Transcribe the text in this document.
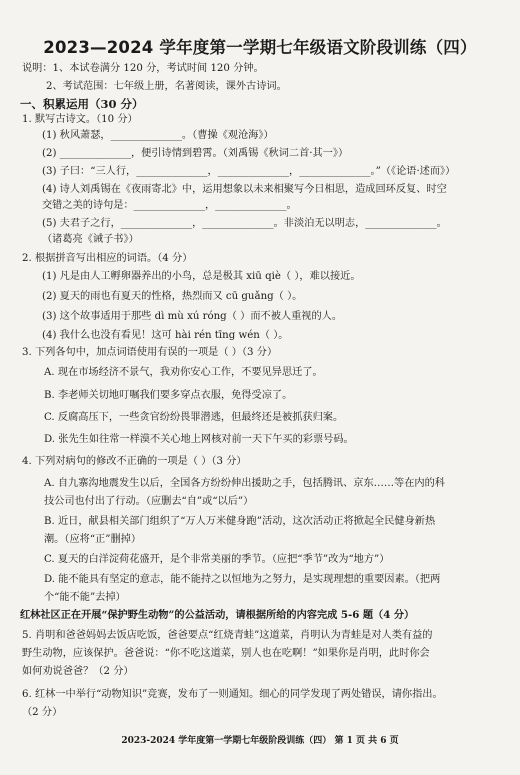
2023—2024 学年度第一学期七年级语文阶段训练（四）
说明：1、本试卷满分 120 分，考试时间 120 分钟。
2、考试范围：七年级上册，名著阅读，课外古诗词。
一、积累运用（30 分）
1. 默写古诗文。（10 分）
(1) 秋风萧瑟，______________。（曹操《观沧海》）
(2) ______________，便引诗情到碧霄。（刘禹锡《秋词二首·其一》）
(3) 子曰：“三人行，______________，______________，______________。”（《论语·述而》）
(4) 诗人刘禹锡在《夜雨寄北》中，运用想象以未来相聚写今日相思，造成回环反复、时空
交错之美的诗句是：______________，______________。
(5) 夫君子之行，______________，______________。非淡泊无以明志，______________。
（诸葛亮《诫子书》）
2. 根据拼音写出相应的词语。（4 分）
(1) 凡是由人工孵卵器养出的小鸟，总是极其 xiū qiè（ ），难以接近。
(2) 夏天的雨也有夏天的性格，热烈而又 cū guǎng（ ）。
(3) 这个故事适用于那些 dì mù xú róng（ ）而不被人重视的人。
(4) 我什么也没有看见！这可 hài rén tīng wén（ ）。
3. 下列各句中，加点词语使用有误的一项是（ ）（3 分）
A. 现在市场经济不景气，我劝你安心工作，不要见异思迁了。
B. 李老师关切地叮嘱我们要多穿点衣服，免得受凉了。
C. 反腐高压下，一些贪官纷纷畏罪潜逃，但最终还是被抓获归案。
D. 张先生如往常一样漠不关心地上网核对前一天下午买的彩票号码。
4. 下列对病句的修改不正确的一项是（ ）（3 分）
A. 自九寨沟地震发生以后，全国各方纷纷伸出援助之手，包括腾讯、京东……等在内的科
技公司也付出了行动。（应删去“自”或“以后”）
B. 近日，献县相关部门组织了“万人万米健身跑”活动，这次活动正将掀起全民健身新热
潮。（应将“正”删掉）
C. 夏天的白洋淀荷花盛开，是个非常美丽的季节。（应把“季节”改为“地方”）
D. 能不能具有坚定的意志，能不能持之以恒地为之努力，是实现理想的重要因素。（把两
个“能不能”去掉）
红林社区正在开展“保护野生动物”的公益活动，请根据所给的内容完成 5-6 题（4 分）
5. 肖明和爸爸妈妈去饭店吃饭，爸爸要点“红烧青蛙”这道菜，肖明认为青蛙是对人类有益的
野生动物，应该保护。爸爸说：“你不吃这道菜，别人也在吃啊！”如果你是肖明，此时你会
如何劝说爸爸？（2 分）
6. 红林一中举行“动物知识”竞赛，发布了一则通知。细心的同学发现了两处错误，请你指出。
（2 分）
2023-2024 学年度第一学期七年级阶段训练（四） 第 1 页 共 6 页
